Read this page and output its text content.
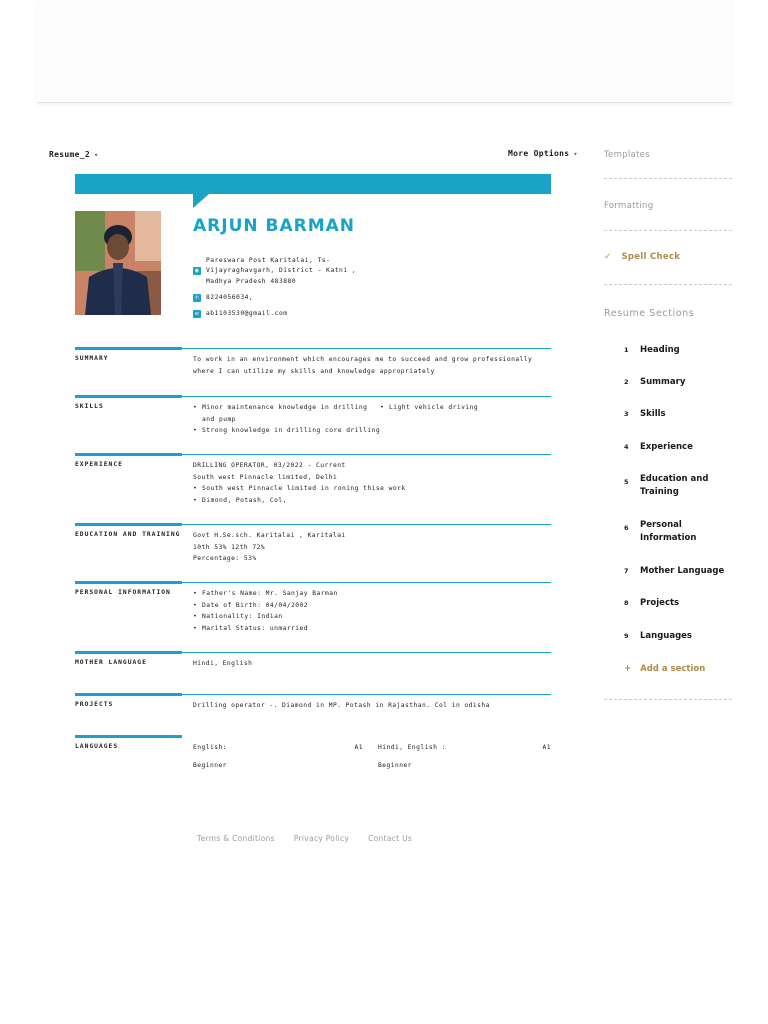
Resume_2 ▾	More Options ▾
ARJUN BARMAN
◉
Pareswara Post Karitalai, Ts-
Vijayraghavgarh, District - Katni ,
Madhya Pradesh 483880
✆	8224056034,
✉	ab1103530@gmail.com
SUMMARY	To work in an environment which encourages me to succeed and grow professionally
where I can utilize my skills and knowledge appropriately
SKILLS	• Minor maintenance knowledge in drilling
and pump
• Strong knowledge in drilling core drilling
• Light vehicle driving
EXPERIENCE	DRILLING OPERATOR, 03/2022 - Current
South west Pinnacle limited, Delhi
• South west Pinnacle limited in roning thise work
• Dimond, Potash, Col,
EDUCATION AND TRAINING Govt H.Se.sch. Karitalai , Karitalai
10th 53% 12th 72%
Percentage: 53%
PERSONAL INFORMATION	• Father's Name: Mr. Sanjay Barman
• Date of Birth: 04/04/2002
• Nationality: Indian
• Marital Status: unmarried
MOTHER LANGUAGE	Hindi, English
PROJECTS	Drilling operator -. Diamond in MP. Potash in Rajasthan. Col in odisha
LANGUAGES	English:	A1
Beginner
Hindi, English :	A1
Beginner
Terms & Conditions	Privacy Policy	Contact Us
Templates
Formatting
✓ Spell Check
Resume Sections
1 Heading
2 Summary
3 Skills
4 Experience
5 Education and Training
6 Personal Information
7 Mother Language
8 Projects
9 Languages
+ Add a section
